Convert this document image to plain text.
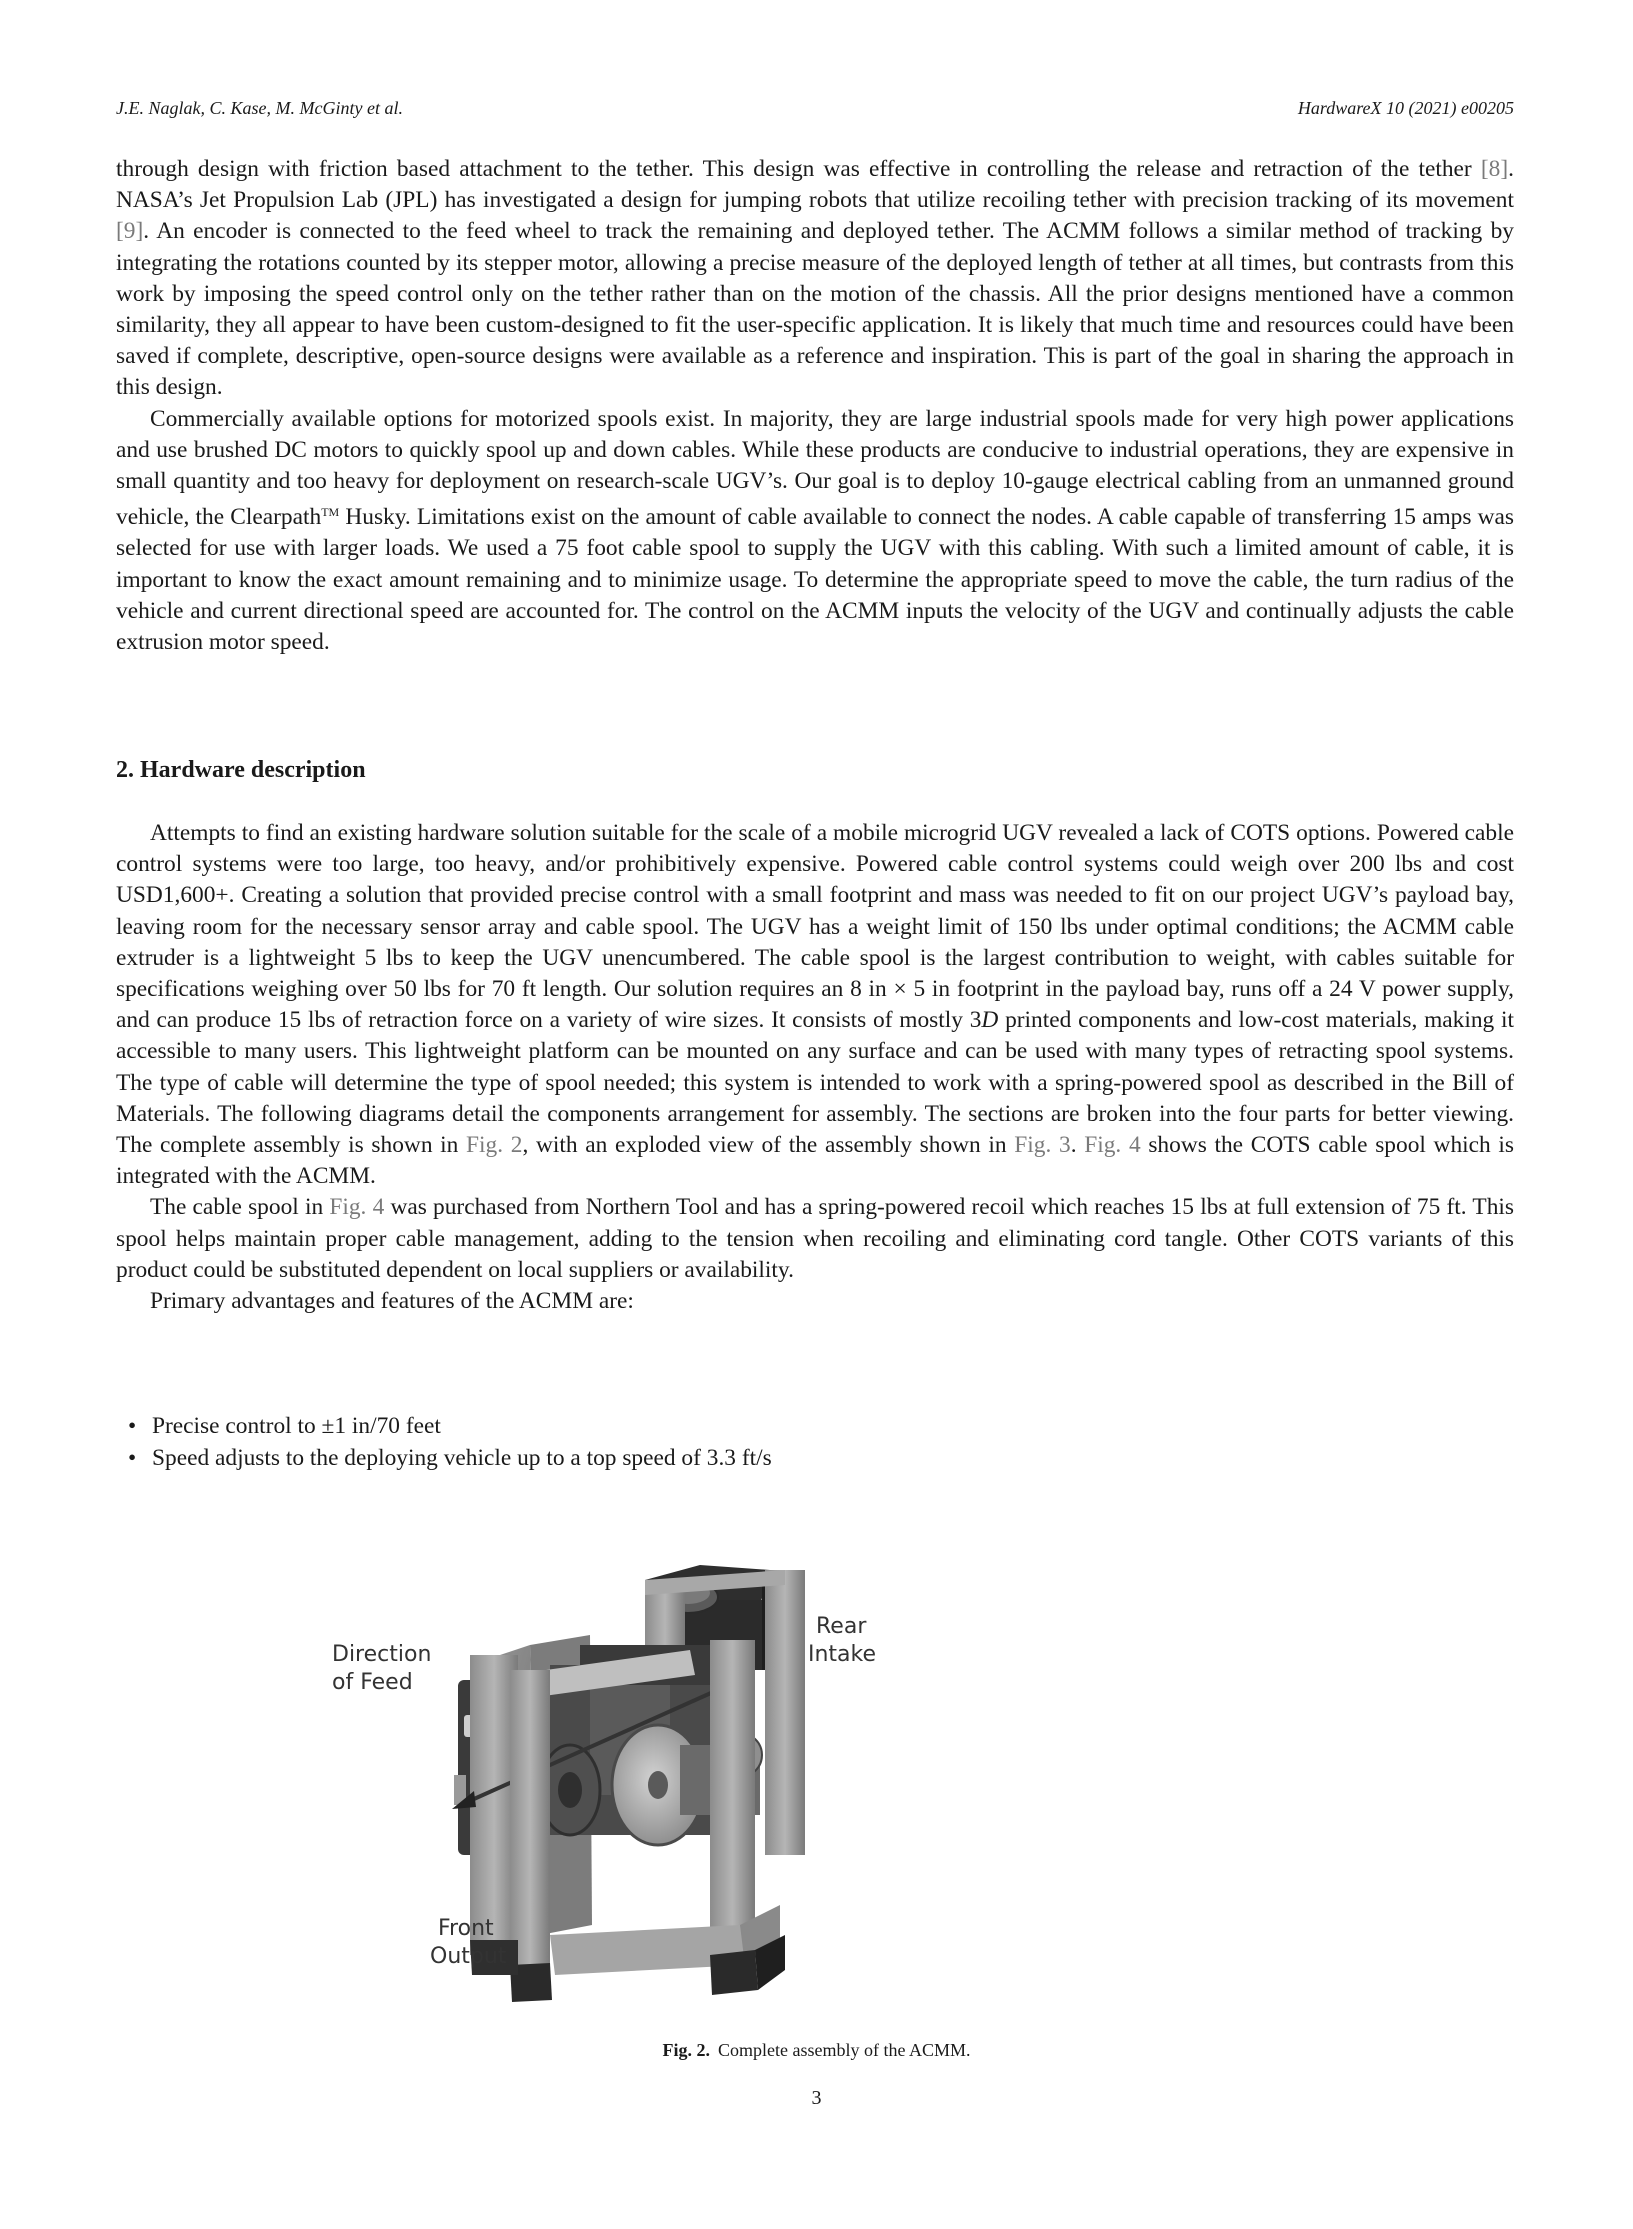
J.E. Naglak, C. Kase, M. McGinty et al.	HardwareX 10 (2021) e00205

through design with friction based attachment to the tether. This design was effective in controlling the release and retraction of the tether [8]. NASA’s Jet Propulsion Lab (JPL) has investigated a design for jumping robots that utilize recoiling tether with precision tracking of its movement [9]. An encoder is connected to the feed wheel to track the remaining and deployed tether. The ACMM follows a similar method of tracking by integrating the rotations counted by its stepper motor, allowing a precise measure of the deployed length of tether at all times, but contrasts from this work by imposing the speed control only on the tether rather than on the motion of the chassis. All the prior designs mentioned have a common similarity, they all appear to have been custom-designed to fit the user-specific application. It is likely that much time and resources could have been saved if complete, descriptive, open-source designs were available as a reference and inspiration. This is part of the goal in sharing the approach in this design.

Commercially available options for motorized spools exist. In majority, they are large industrial spools made for very high power applications and use brushed DC motors to quickly spool up and down cables. While these products are conducive to industrial operations, they are expensive in small quantity and too heavy for deployment on research-scale UGV’s. Our goal is to deploy 10-gauge electrical cabling from an unmanned ground vehicle, the Clearpath™ Husky. Limitations exist on the amount of cable available to connect the nodes. A cable capable of transferring 15 amps was selected for use with larger loads. We used a 75 foot cable spool to supply the UGV with this cabling. With such a limited amount of cable, it is important to know the exact amount remaining and to minimize usage. To determine the appropriate speed to move the cable, the turn radius of the vehicle and current directional speed are accounted for. The control on the ACMM inputs the velocity of the UGV and continually adjusts the cable extrusion motor speed.

2. Hardware description

Attempts to find an existing hardware solution suitable for the scale of a mobile microgrid UGV revealed a lack of COTS options. Powered cable control systems were too large, too heavy, and/or prohibitively expensive. Powered cable control systems could weigh over 200 lbs and cost USD1,600+. Creating a solution that provided precise control with a small footprint and mass was needed to fit on our project UGV’s payload bay, leaving room for the necessary sensor array and cable spool. The UGV has a weight limit of 150 lbs under optimal conditions; the ACMM cable extruder is a lightweight 5 lbs to keep the UGV unencumbered. The cable spool is the largest contribution to weight, with cables suitable for specifications weighing over 50 lbs for 70 ft length. Our solution requires an 8 in × 5 in footprint in the payload bay, runs off a 24 V power supply, and can produce 15 lbs of retraction force on a variety of wire sizes. It consists of mostly 3D printed components and low-cost materials, making it accessible to many users. This lightweight platform can be mounted on any surface and can be used with many types of retracting spool systems. The type of cable will determine the type of spool needed; this system is intended to work with a spring-powered spool as described in the Bill of Materials. The following diagrams detail the components arrangement for assembly. The sections are broken into the four parts for better viewing. The complete assembly is shown in Fig. 2, with an exploded view of the assembly shown in Fig. 3. Fig. 4 shows the COTS cable spool which is integrated with the ACMM.

The cable spool in Fig. 4 was purchased from Northern Tool and has a spring-powered recoil which reaches 15 lbs at full extension of 75 ft. This spool helps maintain proper cable management, adding to the tension when recoiling and eliminating cord tangle. Other COTS variants of this product could be substituted dependent on local suppliers or availability.

Primary advantages and features of the ACMM are:

• Precise control to ±1 in/70 feet
• Speed adjusts to the deploying vehicle up to a top speed of 3.3 ft/s
Direction
of Feed
Rear
Intake
Front
Output
Fig. 2. Complete assembly of the ACMM.
3
